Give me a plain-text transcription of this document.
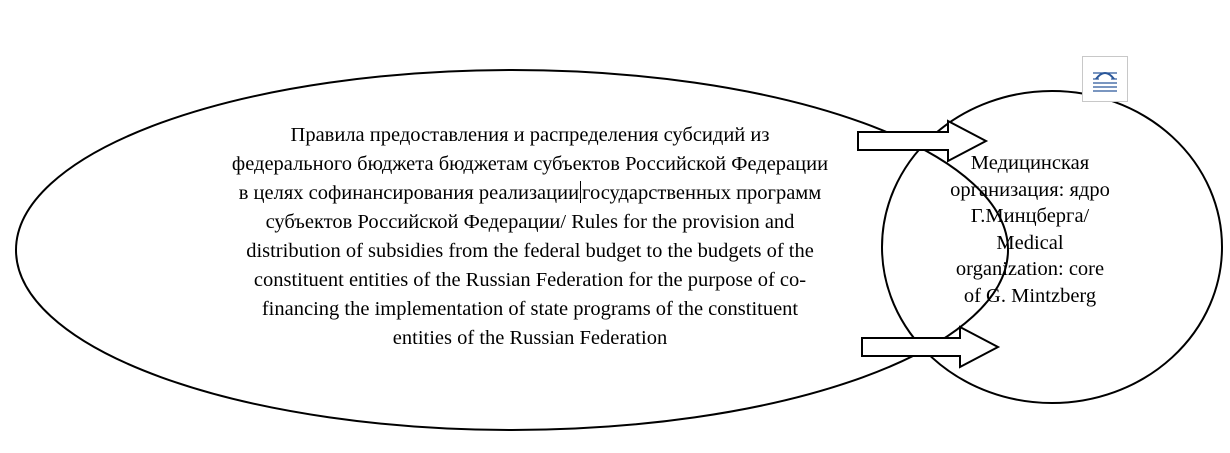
Правила предоставления и распределения субсидий из
федерального бюджета бюджетам субъектов Российской Федерации
в целях софинансирования реализации государственных программ
субъектов Российской Федерации/ Rules for the provision and
distribution of subsidies from the federal budget to the budgets of the
constituent entities of the Russian Federation for the purpose of co-
financing the implementation of state programs of the constituent
entities of the Russian Federation
Медицинская
организация: ядро
Г.Минцберга/
Medical
organization: core
of G. Mintzberg
